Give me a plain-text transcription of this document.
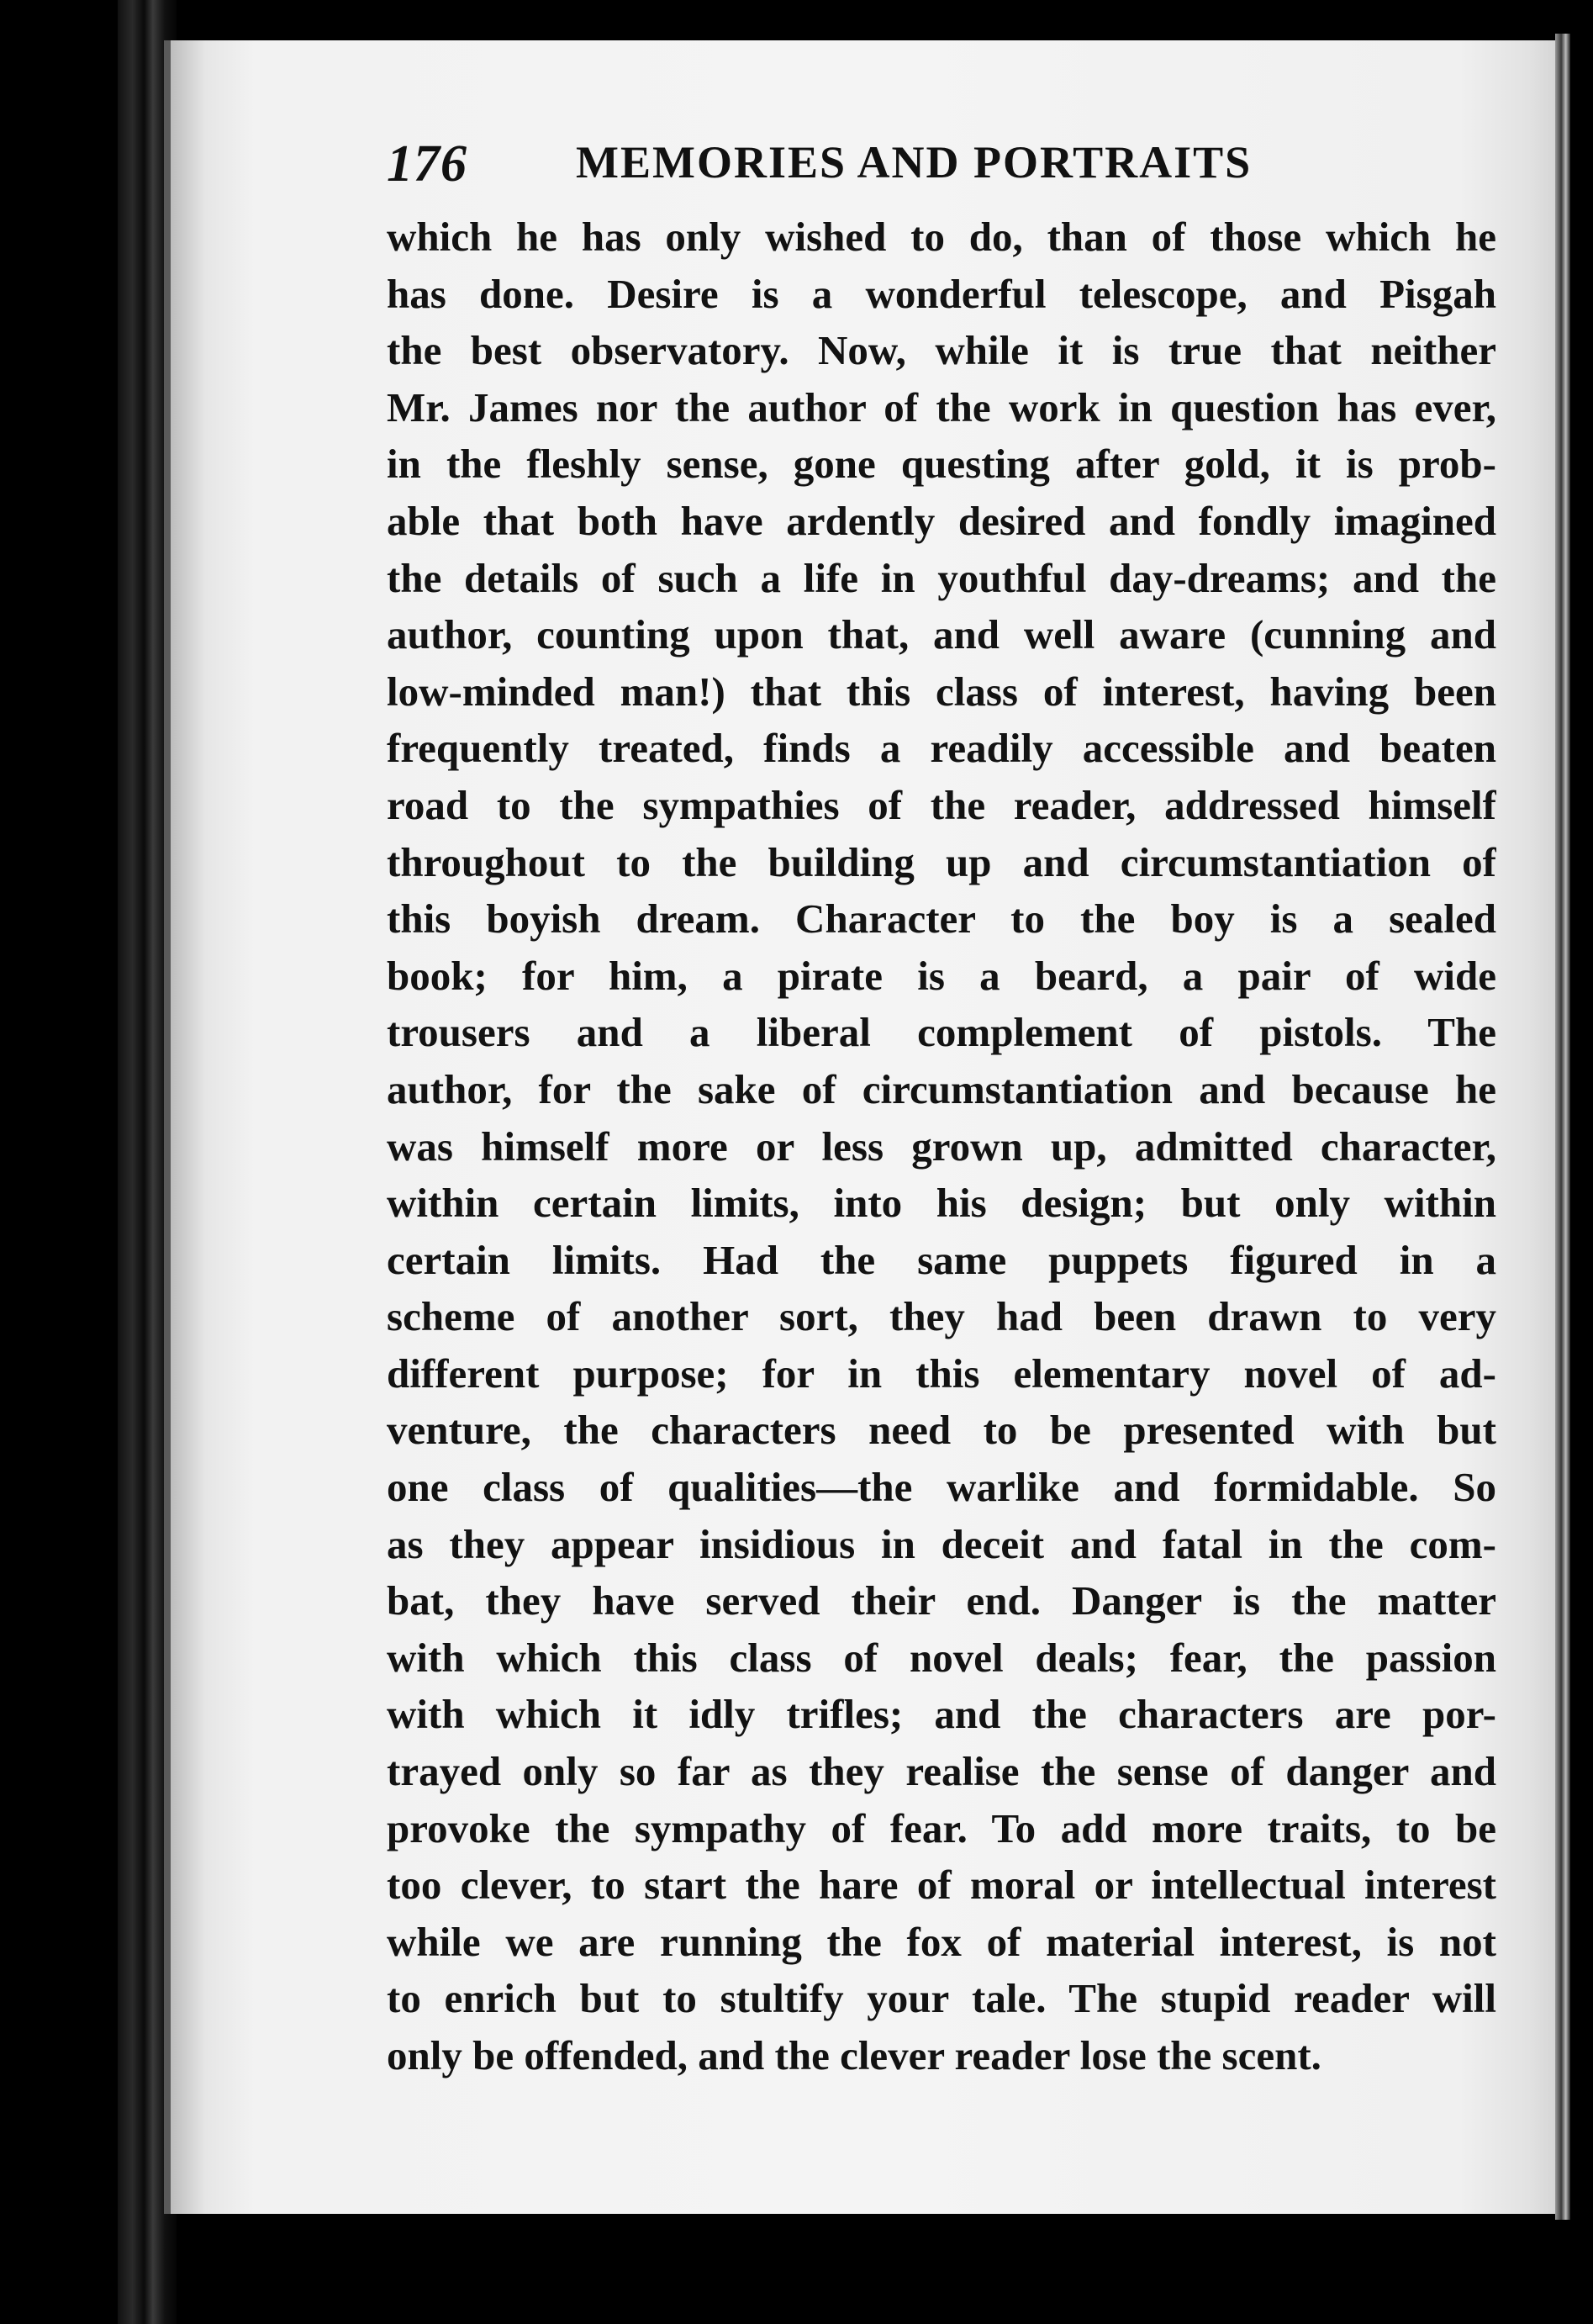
176 MEMORIES AND PORTRAITS
which he has only wished to do, than of those which he
has done. Desire is a wonderful telescope, and Pisgah
the best observatory. Now, while it is true that neither
Mr. James nor the author of the work in question has ever,
in the fleshly sense, gone questing after gold, it is prob-
able that both have ardently desired and fondly imagined
the details of such a life in youthful day-dreams; and the
author, counting upon that, and well aware (cunning and
low-minded man!) that this class of interest, having been
frequently treated, finds a readily accessible and beaten
road to the sympathies of the reader, addressed himself
throughout to the building up and circumstantiation of
this boyish dream. Character to the boy is a sealed
book; for him, a pirate is a beard, a pair of wide
trousers and a liberal complement of pistols. The
author, for the sake of circumstantiation and because he
was himself more or less grown up, admitted character,
within certain limits, into his design; but only within
certain limits. Had the same puppets figured in a
scheme of another sort, they had been drawn to very
different purpose; for in this elementary novel of ad-
venture, the characters need to be presented with but
one class of qualities—the warlike and formidable. So
as they appear insidious in deceit and fatal in the com-
bat, they have served their end. Danger is the matter
with which this class of novel deals; fear, the passion
with which it idly trifles; and the characters are por-
trayed only so far as they realise the sense of danger and
provoke the sympathy of fear. To add more traits, to be
too clever, to start the hare of moral or intellectual interest
while we are running the fox of material interest, is not
to enrich but to stultify your tale. The stupid reader will
only be offended, and the clever reader lose the scent.
